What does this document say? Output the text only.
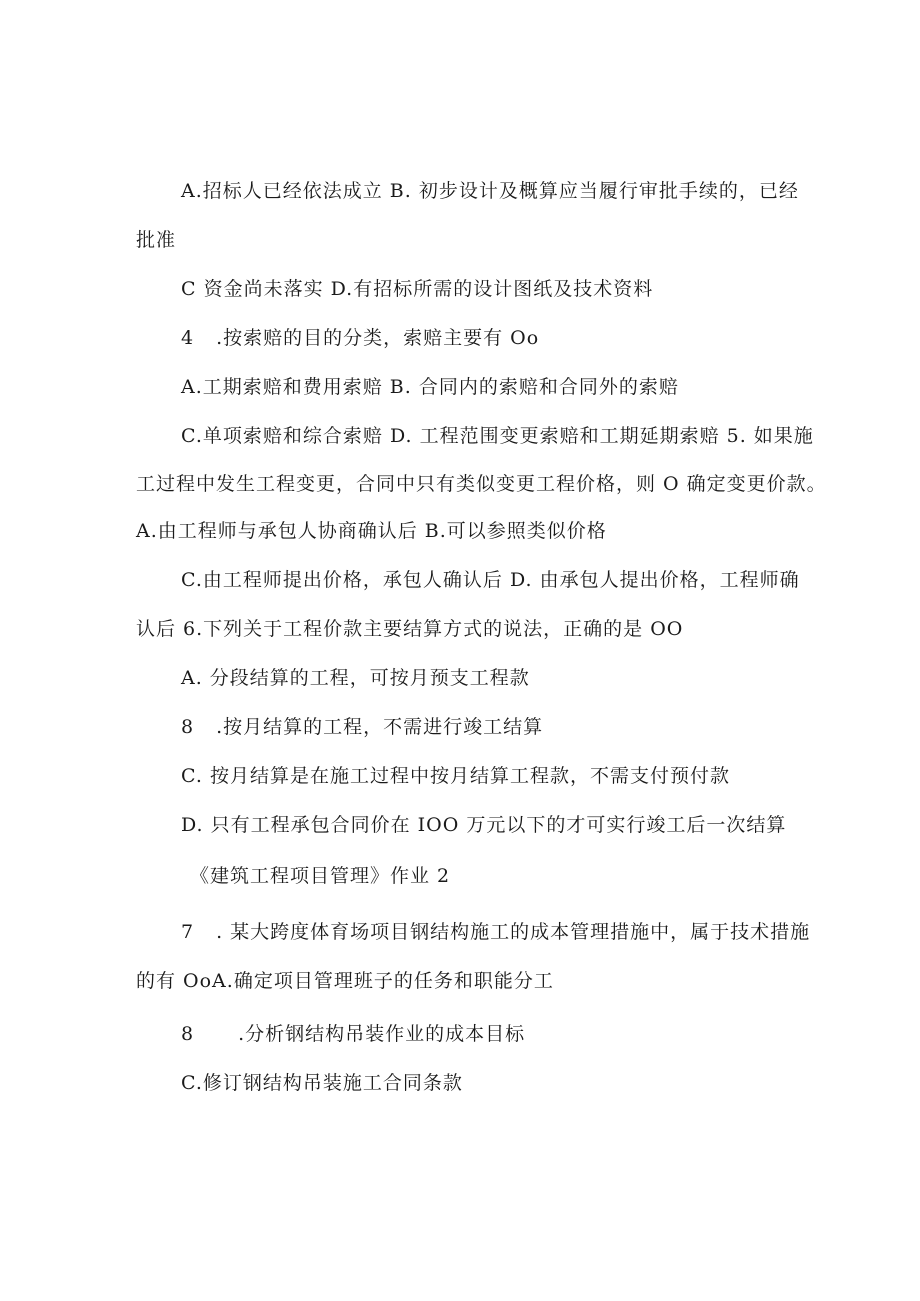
A.招标人已经依法成立 B. 初步设计及概算应当履行审批手续的，已经
批准
C 资金尚未落实 D.有招标所需的设计图纸及技术资料
4 .按索赔的目的分类，索赔主要有 Oo
A.工期索赔和费用索赔 B. 合同内的索赔和合同外的索赔
C.单项索赔和综合索赔 D. 工程范围变更索赔和工期延期索赔 5. 如果施
工过程中发生工程变更，合同中只有类似变更工程价格，则 O 确定变更价款。
A.由工程师与承包人协商确认后 B.可以参照类似价格
C.由工程师提出价格，承包人确认后 D. 由承包人提出价格，工程师确
认后 6.下列关于工程价款主要结算方式的说法，正确的是 OO
A. 分段结算的工程，可按月预支工程款
8 .按月结算的工程，不需进行竣工结算
C. 按月结算是在施工过程中按月结算工程款，不需支付预付款
D. 只有工程承包合同价在 IOO 万元以下的才可实行竣工后一次结算
《建筑工程项目管理》作业 2
7 . 某大跨度体育场项目钢结构施工的成本管理措施中，属于技术措施
的有 OoA.确定项目管理班子的任务和职能分工
8 .分析钢结构吊装作业的成本目标
C.修订钢结构吊装施工合同条款
